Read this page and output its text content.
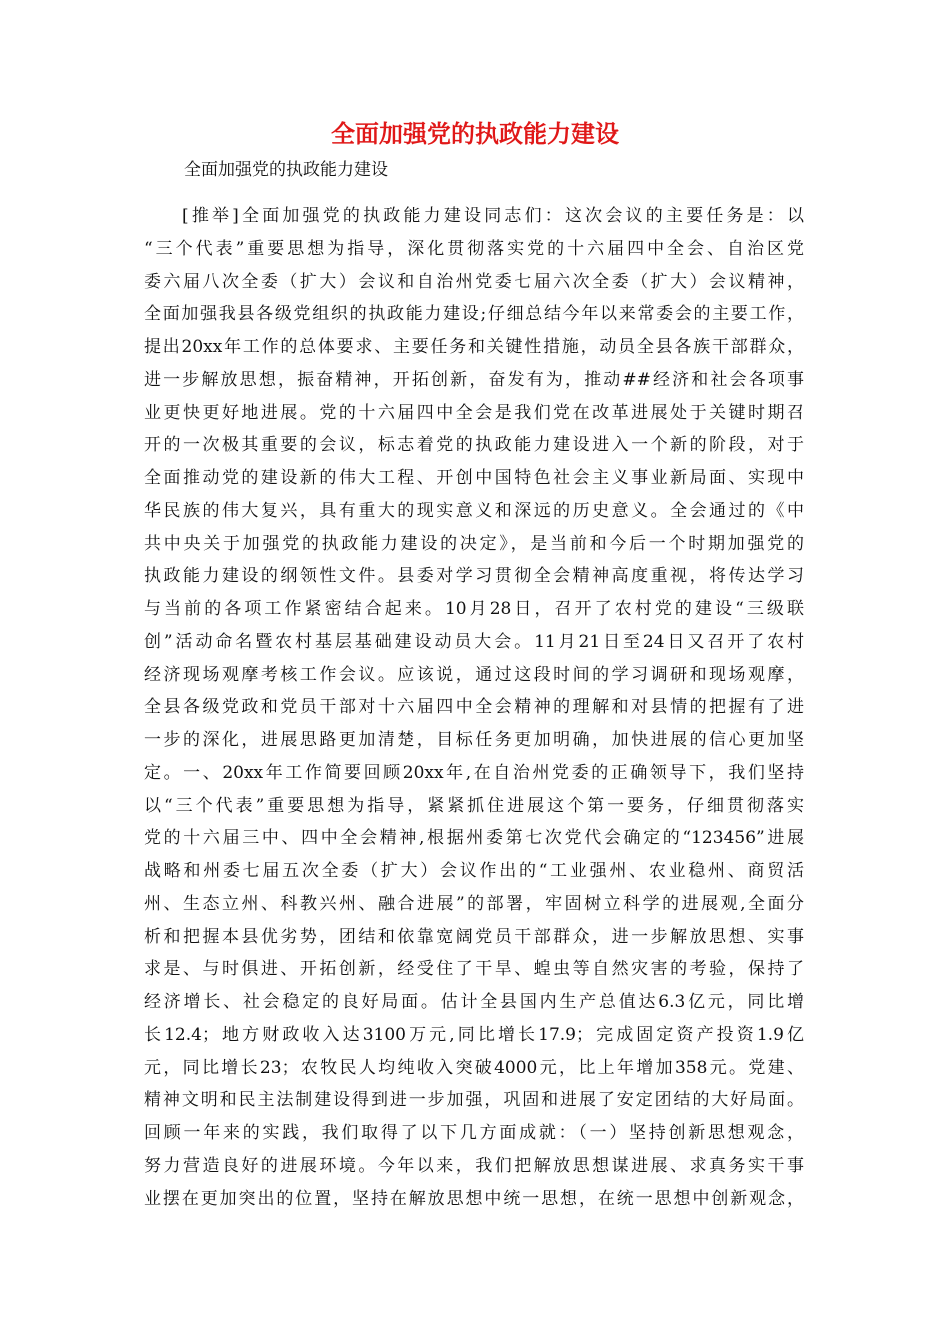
全面加强党的执政能力建设

全面加强党的执政能力建设

[推举]全面加强党的执政能力建设同志们：这次会议的主要任务是：以
“三个代表”重要思想为指导，深化贯彻落实党的十六届四中全会、自治区党
委六届八次全委（扩大）会议和自治州党委七届六次全委（扩大）会议精神，
全面加强我县各级党组织的执政能力建设;仔细总结今年以来常委会的主要工作，
提出20xx年工作的总体要求、主要任务和关键性措施，动员全县各族干部群众，
进一步解放思想，振奋精神，开拓创新，奋发有为，推动##经济和社会各项事
业更快更好地进展。党的十六届四中全会是我们党在改革进展处于关键时期召
开的一次极其重要的会议，标志着党的执政能力建设进入一个新的阶段，对于
全面推动党的建设新的伟大工程、开创中国特色社会主义事业新局面、实现中
华民族的伟大复兴，具有重大的现实意义和深远的历史意义。全会通过的《中
共中央关于加强党的执政能力建设的决定》，是当前和今后一个时期加强党的
执政能力建设的纲领性文件。县委对学习贯彻全会精神高度重视，将传达学习
与当前的各项工作紧密结合起来。10月28日，召开了农村党的建设“三级联
创”活动命名暨农村基层基础建设动员大会。11月21日至24日又召开了农村
经济现场观摩考核工作会议。应该说，通过这段时间的学习调研和现场观摩，
全县各级党政和党员干部对十六届四中全会精神的理解和对县情的把握有了进
一步的深化，进展思路更加清楚，目标任务更加明确，加快进展的信心更加坚
定。一、20xx年工作简要回顾20xx年,在自治州党委的正确领导下，我们坚持
以“三个代表”重要思想为指导，紧紧抓住进展这个第一要务，仔细贯彻落实
党的十六届三中、四中全会精神,根据州委第七次党代会确定的“123456”进展
战略和州委七届五次全委（扩大）会议作出的“工业强州、农业稳州、商贸活
州、生态立州、科教兴州、融合进展”的部署，牢固树立科学的进展观,全面分
析和把握本县优劣势，团结和依靠宽阔党员干部群众，进一步解放思想、实事
求是、与时俱进、开拓创新，经受住了干旱、蝗虫等自然灾害的考验，保持了
经济增长、社会稳定的良好局面。估计全县国内生产总值达6.3亿元，同比增
长12.4；地方财政收入达3100万元,同比增长17.9；完成固定资产投资1.9亿
元，同比增长23；农牧民人均纯收入突破4000元，比上年增加358元。党建、
精神文明和民主法制建设得到进一步加强，巩固和进展了安定团结的大好局面。
回顾一年来的实践，我们取得了以下几方面成就：（一）坚持创新思想观念，
努力营造良好的进展环境。今年以来，我们把解放思想谋进展、求真务实干事
业摆在更加突出的位置，坚持在解放思想中统一思想，在统一思想中创新观念，
